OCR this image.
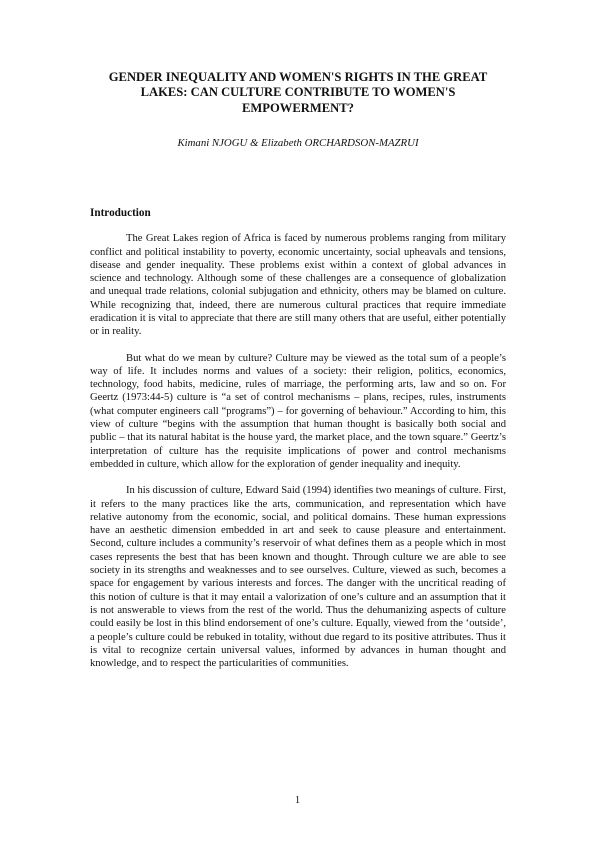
GENDER INEQUALITY AND WOMEN'S RIGHTS IN THE GREAT LAKES: CAN CULTURE CONTRIBUTE TO WOMEN'S EMPOWERMENT?
Kimani NJOGU & Elizabeth ORCHARDSON-MAZRUI
Introduction

The Great Lakes region of Africa is faced by numerous problems ranging from military conflict and political instability to poverty, economic uncertainty, social upheavals and tensions, disease and gender inequality. These problems exist within a context of global advances in science and technology. Although some of these challenges are a consequence of globalization and unequal trade relations, colonial subjugation and ethnicity, others may be blamed on culture. While recognizing that, indeed, there are numerous cultural practices that require immediate eradication it is vital to appreciate that there are still many others that are useful, either potentially or in reality.

But what do we mean by culture? Culture may be viewed as the total sum of a people’s way of life. It includes norms and values of a society: their religion, politics, economics, technology, food habits, medicine, rules of marriage, the performing arts, law and so on. For Geertz (1973:44-5) culture is “a set of control mechanisms – plans, recipes, rules, instruments (what computer engineers call “programs”) – for governing of behaviour.” According to him, this view of culture “begins with the assumption that human thought is basically both social and public – that its natural habitat is the house yard, the market place, and the town square.” Geertz’s interpretation of culture has the requisite implications of power and control mechanisms embedded in culture, which allow for the exploration of gender inequality and inequity.

In his discussion of culture, Edward Said (1994) identifies two meanings of culture. First, it refers to the many practices like the arts, communication, and representation which have relative autonomy from the economic, social, and political domains. These human expressions have an aesthetic dimension embedded in art and seek to cause pleasure and entertainment. Second, culture includes a community’s reservoir of what defines them as a people which in most cases represents the best that has been known and thought. Through culture we are able to see society in its strengths and weaknesses and to see ourselves. Culture, viewed as such, becomes a space for engagement by various interests and forces. The danger with the uncritical reading of this notion of culture is that it may entail a valorization of one’s culture and an assumption that it is not answerable to views from the rest of the world. Thus the dehumanizing aspects of culture could easily be lost in this blind endorsement of one’s culture. Equally, viewed from the ‘outside’, a people’s culture could be rebuked in totality, without due regard to its positive attributes. Thus it is vital to recognize certain universal values, informed by advances in human thought and knowledge, and to respect the particularities of communities.

1
